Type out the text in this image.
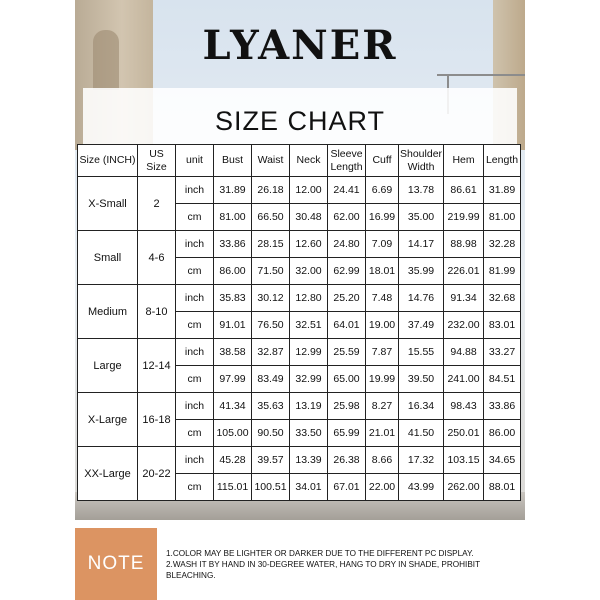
LYANER
SIZE CHART
Size (INCH)	US Size	unit	Bust	Waist	Neck	Sleeve Length	Cuff	Shoulder Width	Hem	Length
X-Small	2	inch	31.89	26.18	12.00	24.41	6.69	13.78	86.61	31.89
		cm	81.00	66.50	30.48	62.00	16.99	35.00	219.99	81.00
Small	4-6	inch	33.86	28.15	12.60	24.80	7.09	14.17	88.98	32.28
		cm	86.00	71.50	32.00	62.99	18.01	35.99	226.01	81.99
Medium	8-10	inch	35.83	30.12	12.80	25.20	7.48	14.76	91.34	32.68
		cm	91.01	76.50	32.51	64.01	19.00	37.49	232.00	83.01
Large	12-14	inch	38.58	32.87	12.99	25.59	7.87	15.55	94.88	33.27
		cm	97.99	83.49	32.99	65.00	19.99	39.50	241.00	84.51
X-Large	16-18	inch	41.34	35.63	13.19	25.98	8.27	16.34	98.43	33.86
		cm	105.00	90.50	33.50	65.99	21.01	41.50	250.01	86.00
XX-Large	20-22	inch	45.28	39.57	13.39	26.38	8.66	17.32	103.15	34.65
		cm	115.01	100.51	34.01	67.01	22.00	43.99	262.00	88.01
NOTE	1.COLOR MAY BE LIGHTER OR DARKER DUE TO THE DIFFERENT PC DISPLAY.
2.WASH IT BY HAND IN 30-DEGREE WATER, HANG TO DRY IN SHADE, PROHIBIT BLEACHING.
